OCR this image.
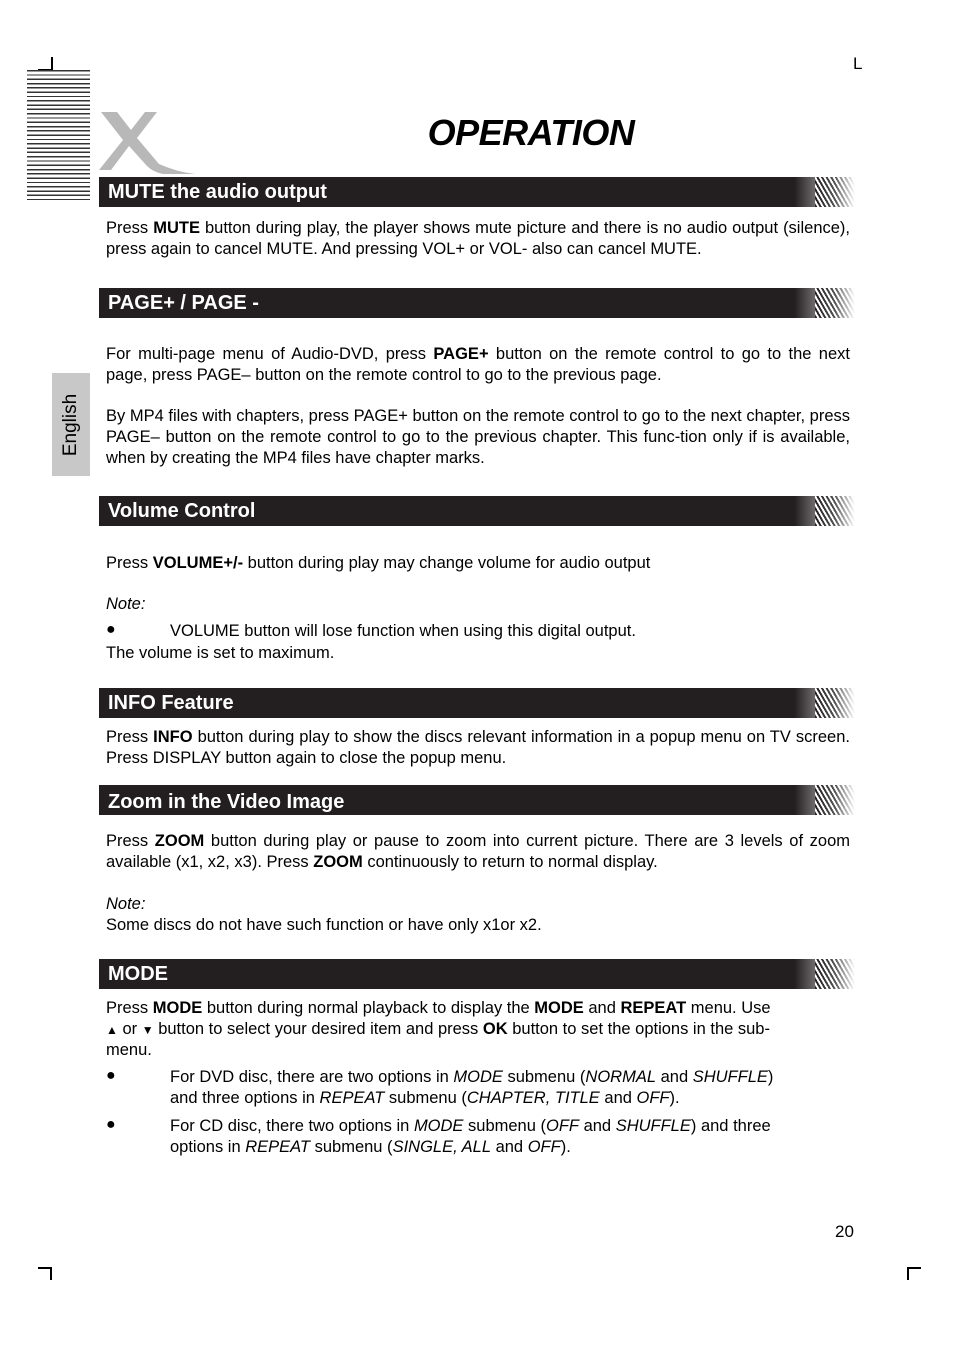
L
OPERATION
English
MUTE the audio output
Press MUTE button during play, the player shows mute picture and there is no audio output (silence), press again to cancel MUTE. And pressing VOL+ or VOL- also can cancel MUTE.
PAGE+ / PAGE -
For multi-page menu of Audio-DVD, press PAGE+ button on the remote control to go to the next page, press PAGE– button on the remote control to go to the previous page.
By MP4 files with chapters, press PAGE+ button on the remote control to go to the next chapter, press PAGE– button on the remote control to go to the previous chapter. This func-tion only if is available, when by creating the MP4 files have chapter marks.
Volume Control
Press VOLUME+/- button during play may change volume for audio output
Note:
●	VOLUME button will lose function when using this digital output.
The volume is set to maximum.
INFO Feature
Press INFO button during play to show the discs relevant information in a popup menu on TV screen. Press DISPLAY button again to close the popup menu.
Zoom in the Video Image
Press ZOOM button during play or pause to zoom into current picture. There are 3 levels of zoom available (x1, x2, x3). Press ZOOM continuously to return to normal display.
Note:
Some discs do not have such function or have only x1or x2.
MODE
Press MODE button during normal playback to display the MODE and REPEAT menu. Use
▲ or ▼ button to select your desired item and press OK button to set the options in the sub-
menu.
●	For DVD disc, there are two options in MODE submenu (NORMAL and SHUFFLE)
and three options in REPEAT submenu (CHAPTER, TITLE and OFF).
●	For CD disc, there two options in MODE submenu (OFF and SHUFFLE) and three
options in REPEAT submenu (SINGLE, ALL and OFF).
20
